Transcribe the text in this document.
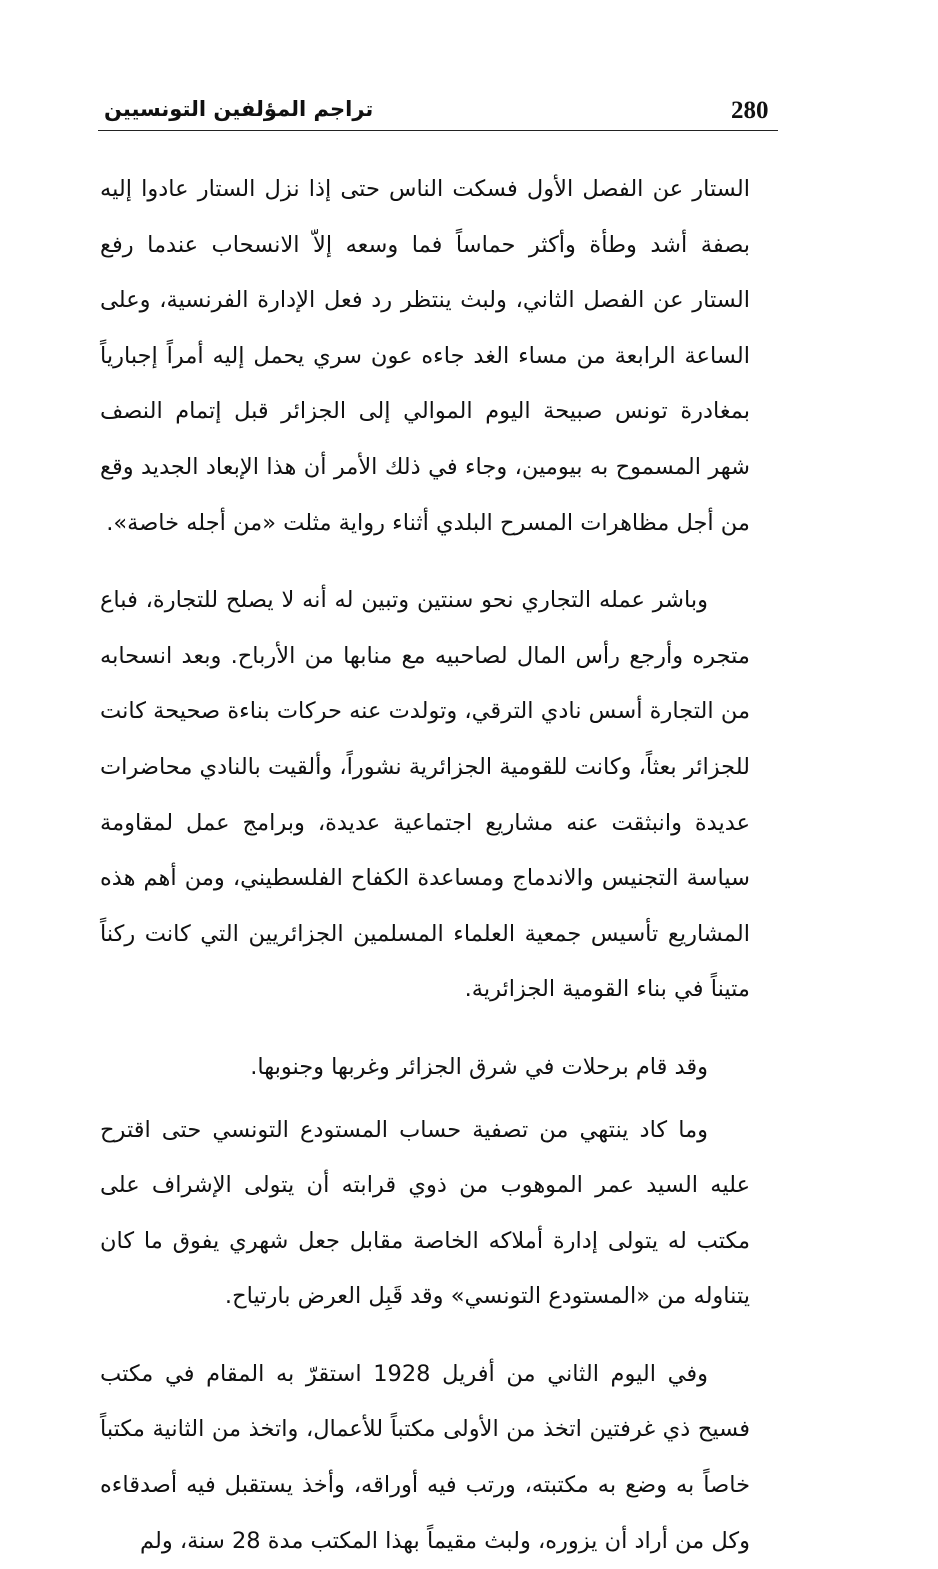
تراجم المؤلفين التونسيين	280

الستار عن الفصل الأول فسكت الناس حتى إذا نزل الستار عادوا إليه بصفة أشد وطأة وأكثر حماساً فما وسعه إلاّ الانسحاب عندما رفع الستار عن الفصل الثاني، ولبث ينتظر رد فعل الإدارة الفرنسية، وعلى الساعة الرابعة من مساء الغد جاءه عون سري يحمل إليه أمراً إجبارياً بمغادرة تونس صبيحة اليوم الموالي إلى الجزائر قبل إتمام النصف شهر المسموح به بيومين، وجاء في ذلك الأمر أن هذا الإبعاد الجديد وقع من أجل مظاهرات المسرح البلدي أثناء رواية مثلت «من أجله خاصة».

وباشر عمله التجاري نحو سنتين وتبين له أنه لا يصلح للتجارة، فباع متجره وأرجع رأس المال لصاحبيه مع منابها من الأرباح. وبعد انسحابه من التجارة أسس نادي الترقي، وتولدت عنه حركات بناءة صحيحة كانت للجزائر بعثاً، وكانت للقومية الجزائرية نشوراً، وألقيت بالنادي محاضرات عديدة وانبثقت عنه مشاريع اجتماعية عديدة، وبرامج عمل لمقاومة سياسة التجنيس والاندماج ومساعدة الكفاح الفلسطيني، ومن أهم هذه المشاريع تأسيس جمعية العلماء المسلمين الجزائريين التي كانت ركناً متيناً في بناء القومية الجزائرية.

وقد قام برحلات في شرق الجزائر وغربها وجنوبها.

وما كاد ينتهي من تصفية حساب المستودع التونسي حتى اقترح عليه السيد عمر الموهوب من ذوي قرابته أن يتولى الإشراف على مكتب له يتولى إدارة أملاكه الخاصة مقابل جعل شهري يفوق ما كان يتناوله من «المستودع التونسي» وقد قَبِل العرض بارتياح.

وفي اليوم الثاني من أفريل 1928 استقرّ به المقام في مكتب فسيح ذي غرفتين اتخذ من الأولى مكتباً للأعمال، واتخذ من الثانية مكتباً خاصاً به وضع به مكتبته، ورتب فيه أوراقه، وأخذ يستقبل فيه أصدقاءه وكل من أراد أن يزوره، ولبث مقيماً بهذا المكتب مدة 28 سنة، ولم
